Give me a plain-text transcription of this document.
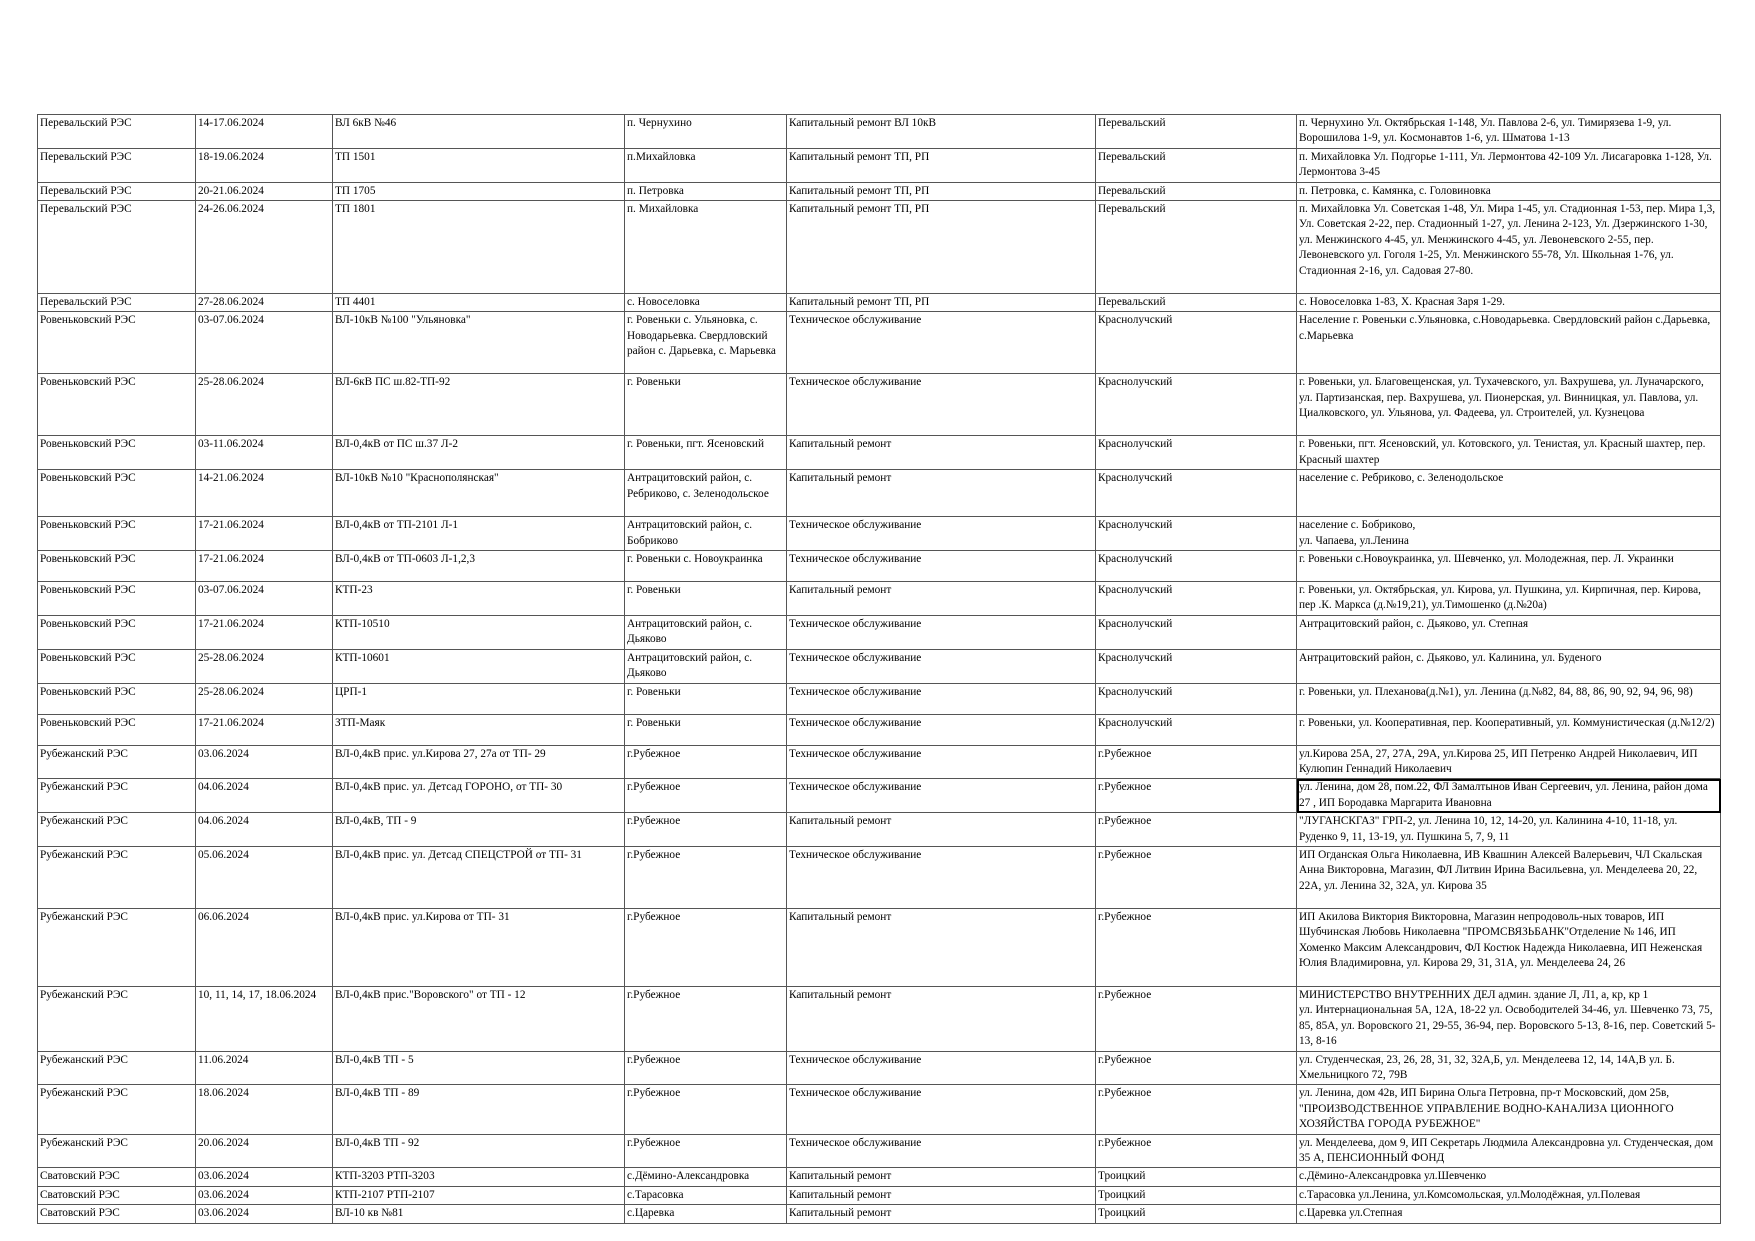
Перевальский РЭС	14-17.06.2024	ВЛ 6кВ №46	п. Чернухино	Капитальный ремонт ВЛ 10кВ	Перевальский	п. Чернухино Ул. Октябрьская 1-148, Ул. Павлова 2-6, ул. Тимирязева 1-9, ул. Ворошилова 1-9, ул. Космонавтов 1-6, ул. Шматова 1-13
Перевальский РЭС	18-19.06.2024	ТП 1501	п.Михайловка	Капитальный ремонт ТП, РП	Перевальский	п. Михайловка Ул. Подгорье 1-111, Ул. Лермонтова 42-109 Ул. Лисагаровка 1-128, Ул. Лермонтова 3-45
Перевальский РЭС	20-21.06.2024	ТП 1705	п. Петровка	Капитальный ремонт ТП, РП	Перевальский	п. Петровка, с. Камянка, с. Головиновка
Перевальский РЭС	24-26.06.2024	ТП 1801	п. Михайловка	Капитальный ремонт ТП, РП	Перевальский	п. Михайловка Ул. Советская 1-48, Ул. Мира 1-45, ул. Стадионная 1-53, пер. Мира 1,3, Ул. Советская 2-22, пер. Стадионный 1-27, ул. Ленина 2-123, Ул. Дзержинского 1-30, ул. Менжинского 4-45, ул. Менжинского 4-45, ул. Левоневского 2-55, пер. Левоневского ул. Гоголя 1-25, Ул. Менжинского 55-78, Ул. Школьная 1-76, ул. Стадионная 2-16, ул. Садовая 27-80.
Перевальский РЭС	27-28.06.2024	ТП 4401	с. Новоселовка	Капитальный ремонт ТП, РП	Перевальский	с. Новоселовка 1-83, Х. Красная Заря 1-29.
Ровеньковский РЭС	03-07.06.2024	ВЛ-10кВ №100 "Ульяновка"	г. Ровеньки с. Ульяновка, с. Новодарьевка. Свердловский район с. Дарьевка, с. Марьевка	Техническое обслуживание	Краснолучский	Население г. Ровеньки с.Ульяновка, с.Новодарьевка. Свердловский район с.Дарьевка, с.Марьевка
Ровеньковский РЭС	25-28.06.2024	ВЛ-6кВ ПС ш.82-ТП-92	г. Ровеньки	Техническое обслуживание	Краснолучский	г. Ровеньки, ул. Благовещенская, ул. Тухачевского, ул. Вахрушева, ул. Луначарского, ул. Партизанская, пер. Вахрушева, ул. Пионерская, ул. Винницкая, ул. Павлова, ул. Циалковского, ул. Ульянова, ул. Фадеева, ул. Строителей, ул. Кузнецова
Ровеньковский РЭС	03-11.06.2024	ВЛ-0,4кВ от ПС ш.37 Л-2	г. Ровеньки, пгт. Ясеновский	Капитальный ремонт	Краснолучский	г. Ровеньки, пгт. Ясеновский, ул. Котовского, ул. Тенистая, ул. Красный шахтер, пер. Красный шахтер
Ровеньковский РЭС	14-21.06.2024	ВЛ-10кВ №10 "Краснополянская"	Антрацитовский район, с. Ребриково, с. Зеленодольское	Капитальный ремонт	Краснолучский	население с. Ребриково, с. Зеленодольское
Ровеньковский РЭС	17-21.06.2024	ВЛ-0,4кВ от ТП-2101 Л-1	Антрацитовский район, с. Бобриково	Техническое обслуживание	Краснолучский	население с. Бобриково,
ул. Чапаева, ул.Ленина
Ровеньковский РЭС	17-21.06.2024	ВЛ-0,4кВ от ТП-0603 Л-1,2,3	г. Ровеньки с. Новоукраинка	Техническое обслуживание	Краснолучский	г. Ровеньки с.Новоукраинка, ул. Шевченко, ул. Молодежная, пер. Л. Украинки
Ровеньковский РЭС	03-07.06.2024	КТП-23	г. Ровеньки	Капитальный ремонт	Краснолучский	г. Ровеньки, ул. Октябрьская, ул. Кирова, ул. Пушкина, ул. Кирпичная, пер. Кирова, пер .К. Маркса (д.№19,21), ул.Тимошенко (д.№20а)
Ровеньковский РЭС	17-21.06.2024	КТП-10510	Антрацитовский район, с. Дьяково	Техническое обслуживание	Краснолучский	Антрацитовский район, с. Дьяково, ул. Степная
Ровеньковский РЭС	25-28.06.2024	КТП-10601	Антрацитовский район, с. Дьяково	Техническое обслуживание	Краснолучский	Антрацитовский район, с. Дьяково, ул. Калинина, ул. Буденого
Ровеньковский РЭС	25-28.06.2024	ЦРП-1	г. Ровеньки	Техническое обслуживание	Краснолучский	г. Ровеньки, ул. Плеханова(д.№1), ул. Ленина (д.№82, 84, 88, 86, 90, 92, 94, 96, 98)
Ровеньковский РЭС	17-21.06.2024	ЗТП-Маяк	г. Ровеньки	Техническое обслуживание	Краснолучский	г. Ровеньки, ул. Кооперативная, пер. Кооперативный, ул. Коммунистическая (д.№12/2)
Рубежанский РЭС	03.06.2024	ВЛ-0,4кВ прис. ул.Кирова 27, 27а от ТП- 29	г.Рубежное	Техническое обслуживание	г.Рубежное	ул.Кирова 25А, 27, 27А, 29А, ул.Кирова 25, ИП Петренко Андрей Николаевич, ИП Кулюпин Геннадий Николаевич
Рубежанский РЭС	04.06.2024	ВЛ-0,4кВ прис. ул. Детсад ГОРОНО, от ТП- 30	г.Рубежное	Техническое обслуживание	г.Рубежное	ул. Ленина, дом 28, пом.22, ФЛ Замалтынов Иван Сергеевич, ул. Ленина, район дома 27 , ИП Бородавка Маргарита Ивановна
Рубежанский РЭС	04.06.2024	ВЛ-0,4кВ, ТП - 9	г.Рубежное	Капитальный ремонт	г.Рубежное	"ЛУГАНСКГАЗ" ГРП-2, ул. Ленина 10, 12, 14-20, ул. Калинина 4-10, 11-18, ул. Руденко 9, 11, 13-19, ул. Пушкина 5, 7, 9, 11
Рубежанский РЭС	05.06.2024	ВЛ-0,4кВ прис. ул. Детсад СПЕЦСТРОЙ от ТП- 31	г.Рубежное	Техническое обслуживание	г.Рубежное	ИП Огданская Ольга Николаевна, ИВ Квашнин Алексей Валерьевич, ЧЛ Скальская Анна Викторовна, Магазин, ФЛ Литвин Ирина Васильевна, ул. Менделеева 20, 22, 22А, ул. Ленина 32, 32А, ул. Кирова 35
Рубежанский РЭС	06.06.2024	ВЛ-0,4кВ прис. ул.Кирова от ТП- 31	г.Рубежное	Капитальный ремонт	г.Рубежное	ИП Акилова Виктория Викторовна, Магазин непродоволь-ных товаров, ИП Шубчинская Любовь Николаевна "ПРОМСВЯЗЬБАНК"Отделение № 146, ИП Хоменко Максим Александрович, ФЛ Костюк Надежда Николаевна, ИП Неженская Юлия Владимировна, ул. Кирова 29, 31, 31А, ул. Менделеева 24, 26
Рубежанский РЭС	10, 11, 14, 17, 18.06.2024	ВЛ-0,4кВ прис."Воровского" от ТП - 12	г.Рубежное	Капитальный ремонт	г.Рубежное	МИНИСТЕРСТВО ВНУТРЕННИХ ДЕЛ админ. здание Л, Л1, а, кр, кр 1
ул. Интернациональная 5А, 12А, 18-22 ул. Освободителей 34-46, ул. Шевченко 73, 75, 85, 85А, ул. Воровского 21, 29-55, 36-94, пер. Воровского 5-13, 8-16, пер. Советский 5-13, 8-16
Рубежанский РЭС	11.06.2024	ВЛ-0,4кВ ТП - 5	г.Рубежное	Техническое обслуживание	г.Рубежное	ул. Студенческая, 23, 26, 28, 31, 32, 32А,Б, ул. Менделеева 12, 14, 14А,В ул. Б. Хмельницкого 72, 79В
Рубежанский РЭС	18.06.2024	ВЛ-0,4кВ ТП - 89	г.Рубежное	Техническое обслуживание	г.Рубежное	ул. Ленина, дом 42в, ИП Бирина Ольга Петровна, пр-т Московский, дом 25в, "ПРОИЗВОДСТВЕННОЕ УПРАВЛЕНИЕ ВОДНО-КАНАЛИЗА ЦИОННОГО ХОЗЯЙСТВА ГОРОДА РУБЕЖНОЕ"
Рубежанский РЭС	20.06.2024	ВЛ-0,4кВ ТП - 92	г.Рубежное	Техническое обслуживание	г.Рубежное	ул. Менделеева, дом 9, ИП Секретарь Людмила Александровна ул. Студенческая, дом 35 А, ПЕНСИОННЫЙ ФОНД
Сватовский РЭС	03.06.2024	КТП-3203 РТП-3203	с.Дёмино-Александровка	Капитальный ремонт	Троицкий	с.Дёмино-Александровка ул.Шевченко
Сватовский РЭС	03.06.2024	КТП-2107 РТП-2107	с.Тарасовка	Капитальный ремонт	Троицкий	с.Тарасовка ул.Ленина, ул.Комсомольская, ул.Молодёжная, ул.Полевая
Сватовский РЭС	03.06.2024	ВЛ-10 кв №81	с.Царевка	Капитальный ремонт	Троицкий	с.Царевка ул.Степная
